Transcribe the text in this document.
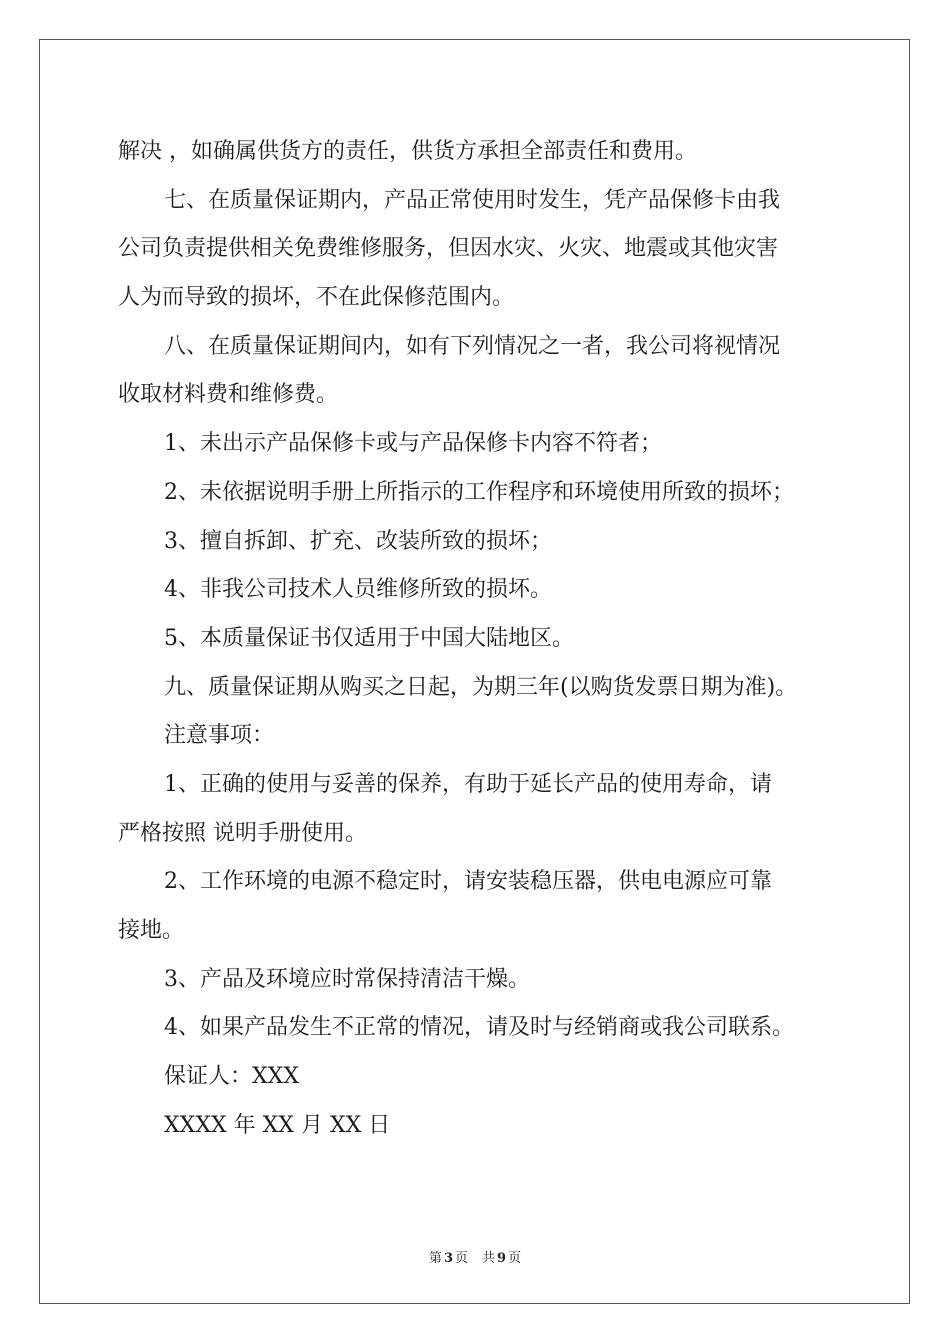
解决 ，如确属供货方的责任，供货方承担全部责任和费用。
七、在质量保证期内，产品正常使用时发生，凭产品保修卡由我
公司负责提供相关免费维修服务，但因水灾、火灾、地震或其他灾害
人为而导致的损坏，不在此保修范围内。
八、在质量保证期间内，如有下列情况之一者，我公司将视情况
收取材料费和维修费。
1、未出示产品保修卡或与产品保修卡内容不符者；
2、未依据说明手册上所指示的工作程序和环境使用所致的损坏；
3、擅自拆卸、扩充、改装所致的损坏；
4、非我公司技术人员维修所致的损坏。
5、本质量保证书仅适用于中国大陆地区。
九、质量保证期从购买之日起，为期三年(以购货发票日期为准)。
注意事项：
1、正确的使用与妥善的保养，有助于延长产品的使用寿命，请
严格按照 说明手册使用。
2、工作环境的电源不稳定时，请安装稳压器，供电电源应可靠
接地。
3、产品及环境应时常保持清洁干燥。
4、如果产品发生不正常的情况，请及时与经销商或我公司联系。
保证人：XXX
XXXX 年 XX 月 XX 日
第 3 页 共 9 页
